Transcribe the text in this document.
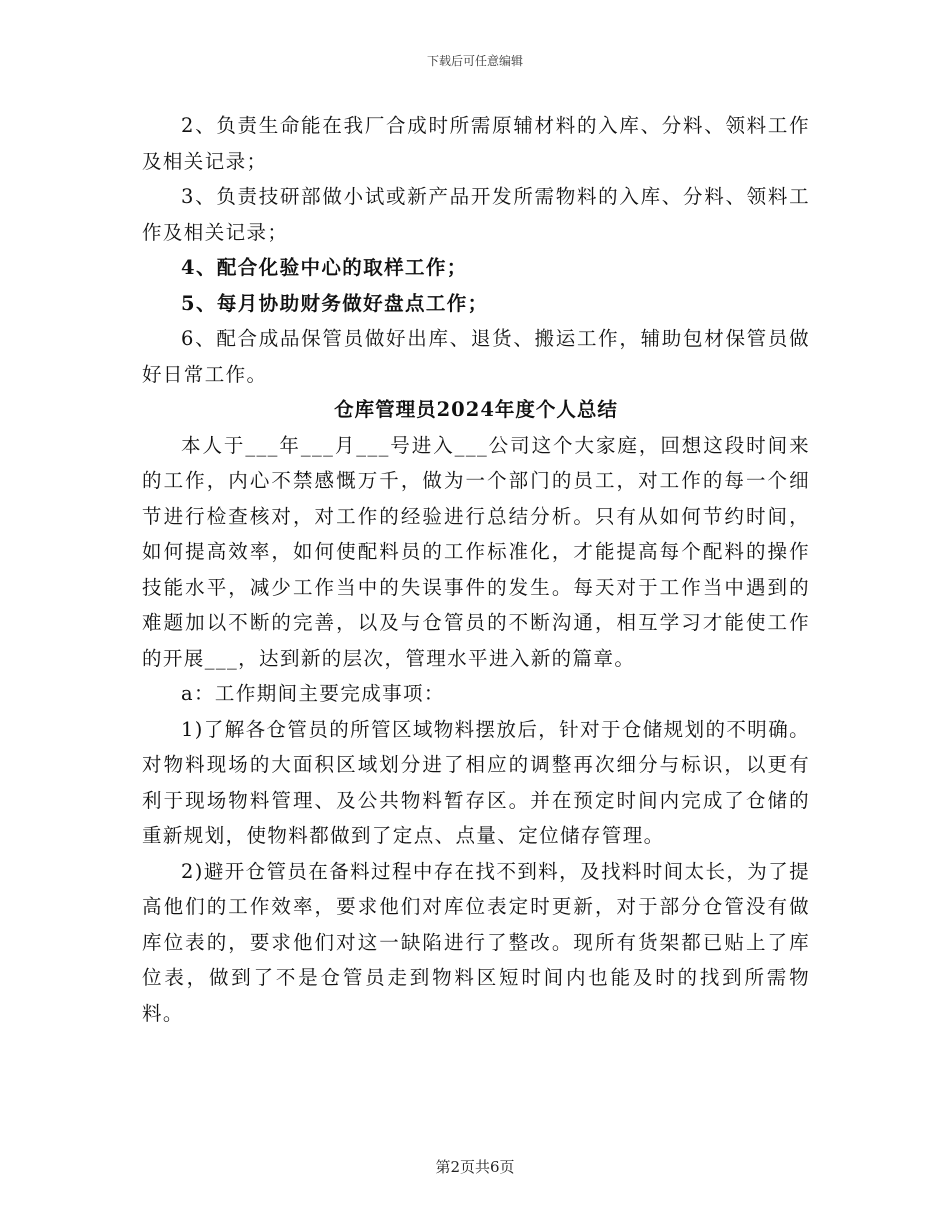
下载后可任意编辑

2、负责生命能在我厂合成时所需原辅材料的入库、分料、领料工作及相关记录；

3、负责技研部做小试或新产品开发所需物料的入库、分料、领料工作及相关记录；

4、配合化验中心的取样工作；

5、每月协助财务做好盘点工作；

6、配合成品保管员做好出库、退货、搬运工作，辅助包材保管员做好日常工作。

仓库管理员2024年度个人总结

本人于___年___月___号进入___公司这个大家庭，回想这段时间来的工作，内心不禁感慨万千，做为一个部门的员工，对工作的每一个细节进行检查核对，对工作的经验进行总结分析。只有从如何节约时间，如何提高效率，如何使配料员的工作标准化，才能提高每个配料的操作技能水平，减少工作当中的失误事件的发生。每天对于工作当中遇到的难题加以不断的完善，以及与仓管员的不断沟通，相互学习才能使工作的开展___，达到新的层次，管理水平进入新的篇章。

a：工作期间主要完成事项：

1)了解各仓管员的所管区域物料摆放后，针对于仓储规划的不明确。对物料现场的大面积区域划分进了相应的调整再次细分与标识，以更有利于现场物料管理、及公共物料暂存区。并在预定时间内完成了仓储的重新规划，使物料都做到了定点、点量、定位储存管理。

2)避开仓管员在备料过程中存在找不到料，及找料时间太长，为了提高他们的工作效率，要求他们对库位表定时更新，对于部分仓管没有做库位表的，要求他们对这一缺陷进行了整改。现所有货架都已贴上了库位表，做到了不是仓管员走到物料区短时间内也能及时的找到所需物料。

第2页共6页
